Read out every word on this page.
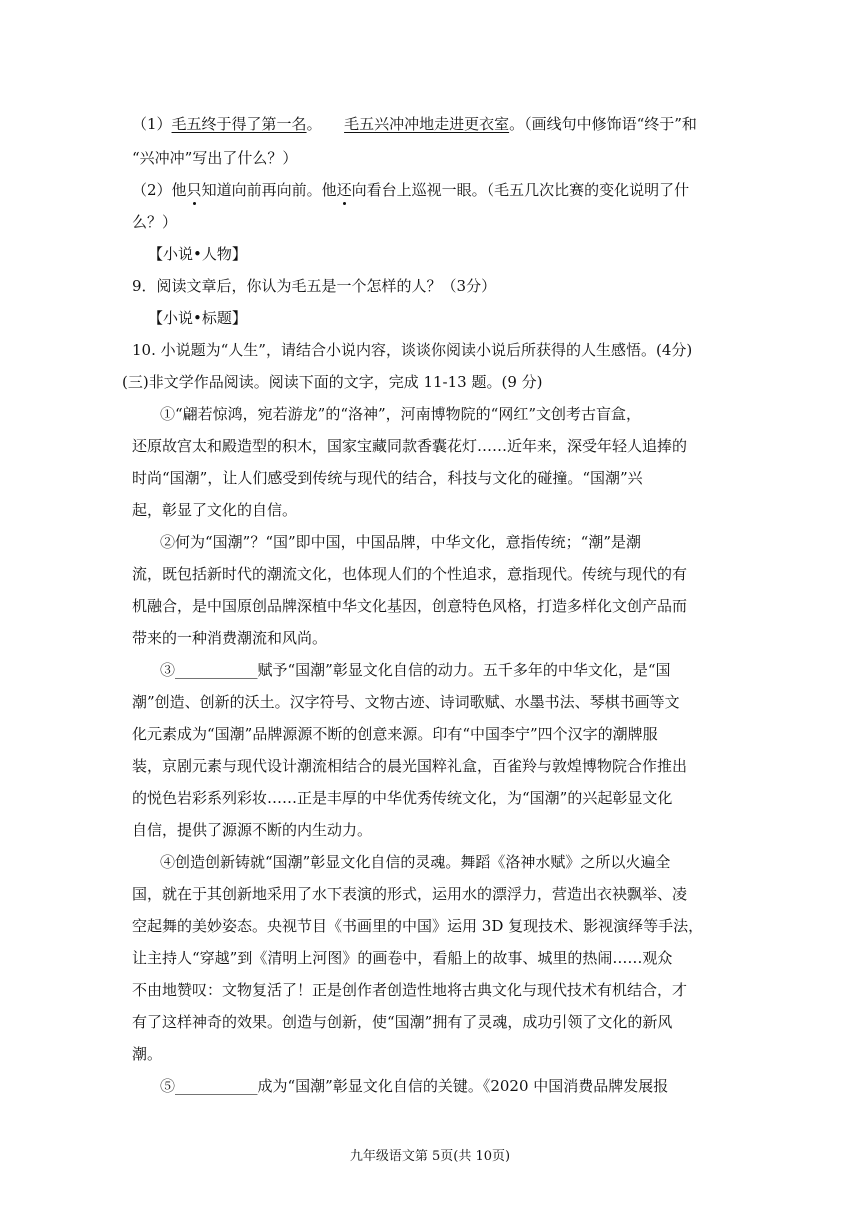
（1）毛五终于得了第一名。　　毛五兴冲冲地走进更衣室。（画线句中修饰语“终于”和
“兴冲冲”写出了什么？）
（2）他只知道向前再向前。他还向看台上巡视一眼。（毛五几次比赛的变化说明了什
么？）
【小说•人物】
9．阅读文章后，你认为毛五是一个怎样的人？（3分）
【小说•标题】
10. 小说题为“人生”，请结合小说内容，谈谈你阅读小说后所获得的人生感悟。(4分)
(三)非文学作品阅读。阅读下面的文字，完成 11-13 题。(9 分)
①“翩若惊鸿，宛若游龙”的“洛神”，河南博物院的“网红”文创考古盲盒，
还原故宫太和殿造型的积木，国家宝藏同款香囊花灯……近年来，深受年轻人追捧的
时尚“国潮”，让人们感受到传统与现代的结合，科技与文化的碰撞。“国潮”兴
起，彰显了文化的自信。
②何为“国潮”？“国”即中国，中国品牌，中华文化，意指传统；“潮”是潮
流，既包括新时代的潮流文化，也体现人们的个性追求，意指现代。传统与现代的有
机融合，是中国原创品牌深植中华文化基因，创意特色风格，打造多样化文创产品而
带来的一种消费潮流和风尚。
③___________赋予“国潮”彰显文化自信的动力。五千多年的中华文化，是“国
潮”创造、创新的沃土。汉字符号、文物古迹、诗词歌赋、水墨书法、琴棋书画等文
化元素成为“国潮”品牌源源不断的创意来源。印有“中国李宁”四个汉字的潮牌服
装，京剧元素与现代设计潮流相结合的晨光国粹礼盒，百雀羚与敦煌博物院合作推出
的悦色岩彩系列彩妆……正是丰厚的中华优秀传统文化，为“国潮”的兴起彰显文化
自信，提供了源源不断的内生动力。
④创造创新铸就“国潮”彰显文化自信的灵魂。舞蹈《洛神水赋》之所以火遍全
国，就在于其创新地采用了水下表演的形式，运用水的漂浮力，营造出衣袂飘举、凌
空起舞的美妙姿态。央视节目《书画里的中国》运用 3D 复现技术、影视演绎等手法，
让主持人“穿越”到《清明上河图》的画卷中，看船上的故事、城里的热闹……观众
不由地赞叹：文物复活了！正是创作者创造性地将古典文化与现代技术有机结合，才
有了这样神奇的效果。创造与创新，使“国潮”拥有了灵魂，成功引领了文化的新风
潮。
⑤___________成为“国潮”彰显文化自信的关键。《2020 中国消费品牌发展报
九年级语文第 5页(共 10页)
